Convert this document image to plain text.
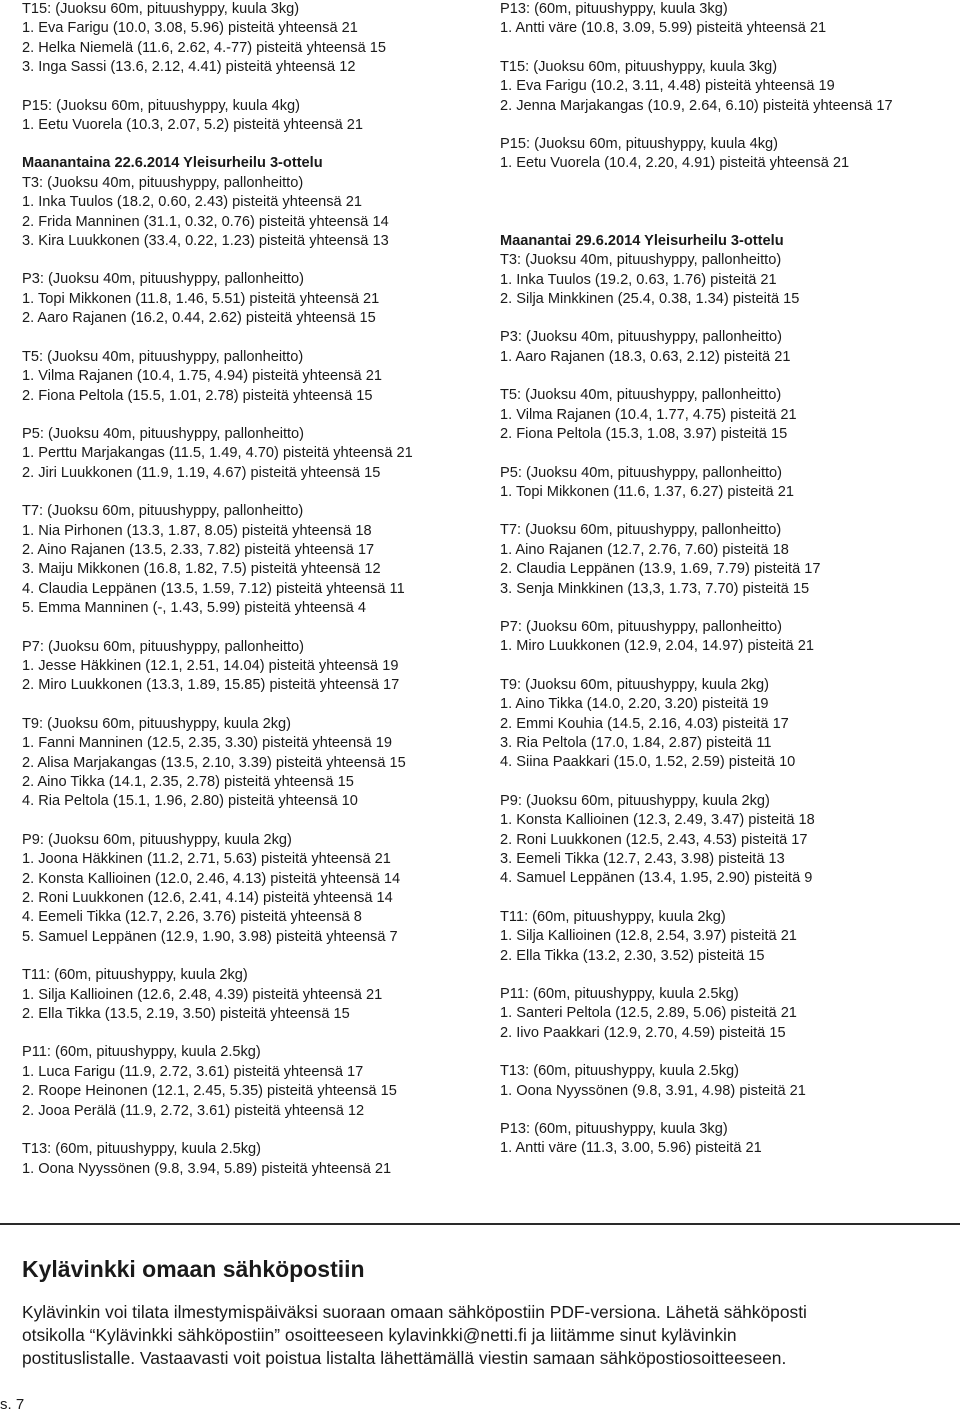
T15: (Juoksu 60m, pituushyppy, kuula 3kg)
1. Eva Farigu (10.0, 3.08, 5.96) pisteitä yhteensä 21
2. Helka Niemelä (11.6, 2.62, 4.-77) pisteitä yhteensä 15
3. Inga Sassi (13.6, 2.12, 4.41) pisteitä yhteensä 12
P15: (Juoksu 60m, pituushyppy, kuula 4kg)
1. Eetu Vuorela (10.3, 2.07, 5.2) pisteitä yhteensä 21
Maanantaina 22.6.2014 Yleisurheilu 3-ottelu
T3: (Juoksu 40m, pituushyppy, pallonheitto)
1. Inka Tuulos (18.2, 0.60, 2.43) pisteitä yhteensä 21
2. Frida Manninen (31.1, 0.32, 0.76) pisteitä yhteensä 14
3. Kira Luukkonen (33.4, 0.22, 1.23) pisteitä yhteensä 13
P3: (Juoksu 40m, pituushyppy, pallonheitto)
1. Topi Mikkonen (11.8, 1.46, 5.51) pisteitä yhteensä 21
2. Aaro Rajanen (16.2, 0.44, 2.62) pisteitä yhteensä 15
T5: (Juoksu 40m, pituushyppy, pallonheitto)
1. Vilma Rajanen (10.4, 1.75, 4.94) pisteitä yhteensä 21
2. Fiona Peltola (15.5, 1.01, 2.78) pisteitä yhteensä 15
P5: (Juoksu 40m, pituushyppy, pallonheitto)
1. Perttu Marjakangas (11.5, 1.49, 4.70) pisteitä yhteensä 21
2. Jiri Luukkonen (11.9, 1.19, 4.67) pisteitä yhteensä 15
T7: (Juoksu 60m, pituushyppy, pallonheitto)
1. Nia Pirhonen (13.3, 1.87, 8.05) pisteitä yhteensä 18
2. Aino Rajanen (13.5, 2.33, 7.82) pisteitä yhteensä 17
3. Maiju Mikkonen (16.8, 1.82, 7.5) pisteitä yhteensä 12
4. Claudia Leppänen (13.5, 1.59, 7.12) pisteitä yhteensä 11
5. Emma Manninen (-, 1.43, 5.99) pisteitä yhteensä 4
P7: (Juoksu 60m, pituushyppy, pallonheitto)
1. Jesse Häkkinen (12.1, 2.51, 14.04) pisteitä yhteensä 19
2. Miro Luukkonen (13.3, 1.89, 15.85) pisteitä yhteensä 17
T9: (Juoksu 60m, pituushyppy, kuula 2kg)
1. Fanni Manninen (12.5, 2.35, 3.30) pisteitä yhteensä 19
2. Alisa Marjakangas (13.5, 2.10, 3.39) pisteitä yhteensä 15
2. Aino Tikka (14.1, 2.35, 2.78) pisteitä yhteensä 15
4. Ria Peltola (15.1, 1.96, 2.80) pisteitä yhteensä 10
P9: (Juoksu 60m, pituushyppy, kuula 2kg)
1. Joona Häkkinen (11.2, 2.71, 5.63) pisteitä yhteensä 21
2. Konsta Kallioinen (12.0, 2.46, 4.13) pisteitä yhteensä 14
2. Roni Luukkonen (12.6, 2.41, 4.14) pisteitä yhteensä 14
4. Eemeli Tikka (12.7, 2.26, 3.76) pisteitä yhteensä 8
5. Samuel Leppänen (12.9, 1.90, 3.98) pisteitä yhteensä 7
T11: (60m, pituushyppy, kuula 2kg)
1. Silja Kallioinen (12.6, 2.48, 4.39) pisteitä yhteensä 21
2. Ella Tikka (13.5, 2.19, 3.50) pisteitä yhteensä 15
P11: (60m, pituushyppy, kuula 2.5kg)
1. Luca Farigu (11.9, 2.72, 3.61) pisteitä yhteensä 17
2. Roope Heinonen (12.1, 2.45, 5.35) pisteitä yhteensä 15
2. Jooa Perälä (11.9, 2.72, 3.61) pisteitä yhteensä 12
T13: (60m, pituushyppy, kuula 2.5kg)
1. Oona Nyyssönen (9.8, 3.94, 5.89) pisteitä yhteensä 21
P13: (60m, pituushyppy, kuula 3kg)
1. Antti väre (10.8, 3.09, 5.99) pisteitä yhteensä 21
T15: (Juoksu 60m, pituushyppy, kuula 3kg)
1. Eva Farigu (10.2, 3.11, 4.48) pisteitä yhteensä 19
2. Jenna Marjakangas (10.9, 2.64, 6.10) pisteitä yhteensä 17
P15: (Juoksu 60m, pituushyppy, kuula 4kg)
1. Eetu Vuorela (10.4, 2.20, 4.91) pisteitä yhteensä 21
Maanantai 29.6.2014 Yleisurheilu 3-ottelu
T3: (Juoksu 40m, pituushyppy, pallonheitto)
1. Inka Tuulos (19.2, 0.63, 1.76) pisteitä 21
2. Silja Minkkinen (25.4, 0.38, 1.34) pisteitä 15
P3: (Juoksu 40m, pituushyppy, pallonheitto)
1. Aaro Rajanen (18.3, 0.63, 2.12) pisteitä 21
T5: (Juoksu 40m, pituushyppy, pallonheitto)
1. Vilma Rajanen (10.4, 1.77, 4.75) pisteitä 21
2. Fiona Peltola (15.3, 1.08, 3.97) pisteitä 15
P5: (Juoksu 40m, pituushyppy, pallonheitto)
1. Topi Mikkonen (11.6, 1.37, 6.27) pisteitä 21
T7: (Juoksu 60m, pituushyppy, pallonheitto)
1. Aino Rajanen (12.7, 2.76, 7.60) pisteitä 18
2. Claudia Leppänen (13.9, 1.69, 7.79) pisteitä 17
3. Senja Minkkinen (13,3, 1.73, 7.70) pisteitä 15
P7: (Juoksu 60m, pituushyppy, pallonheitto)
1. Miro Luukkonen (12.9, 2.04, 14.97) pisteitä 21
T9: (Juoksu 60m, pituushyppy, kuula 2kg)
1. Aino Tikka (14.0, 2.20, 3.20) pisteitä 19
2. Emmi Kouhia (14.5, 2.16, 4.03) pisteitä 17
3. Ria Peltola (17.0, 1.84, 2.87) pisteitä 11
4. Siina Paakkari (15.0, 1.52, 2.59) pisteitä 10
P9: (Juoksu 60m, pituushyppy, kuula 2kg)
1. Konsta Kallioinen (12.3, 2.49, 3.47) pisteitä 18
2. Roni Luukkonen (12.5, 2.43, 4.53) pisteitä 17
3. Eemeli Tikka (12.7, 2.43, 3.98) pisteitä 13
4. Samuel Leppänen (13.4, 1.95, 2.90) pisteitä 9
T11: (60m, pituushyppy, kuula 2kg)
1. Silja Kallioinen (12.8, 2.54, 3.97) pisteitä 21
2. Ella Tikka (13.2, 2.30, 3.52) pisteitä 15
P11: (60m, pituushyppy, kuula 2.5kg)
1. Santeri Peltola (12.5, 2.89, 5.06) pisteitä 21
2. Iivo Paakkari (12.9, 2.70, 4.59) pisteitä 15
T13: (60m, pituushyppy, kuula 2.5kg)
1. Oona Nyyssönen (9.8, 3.91, 4.98) pisteitä 21
P13: (60m, pituushyppy, kuula 3kg)
1. Antti väre (11.3, 3.00, 5.96) pisteitä 21
Kylävinkki omaan sähköpostiin
Kylävinkin voi tilata ilmestymispäiväksi suoraan omaan sähköpostiin PDF-versiona. Lähetä sähköposti
otsikolla “Kylävinkki sähköpostiin” osoitteeseen kylavinkki@netti.fi ja liitämme sinut kylävinkin
postituslistalle. Vastaavasti voit poistua listalta lähettämällä viestin samaan sähköpostiosoitteeseen.
s. 7
